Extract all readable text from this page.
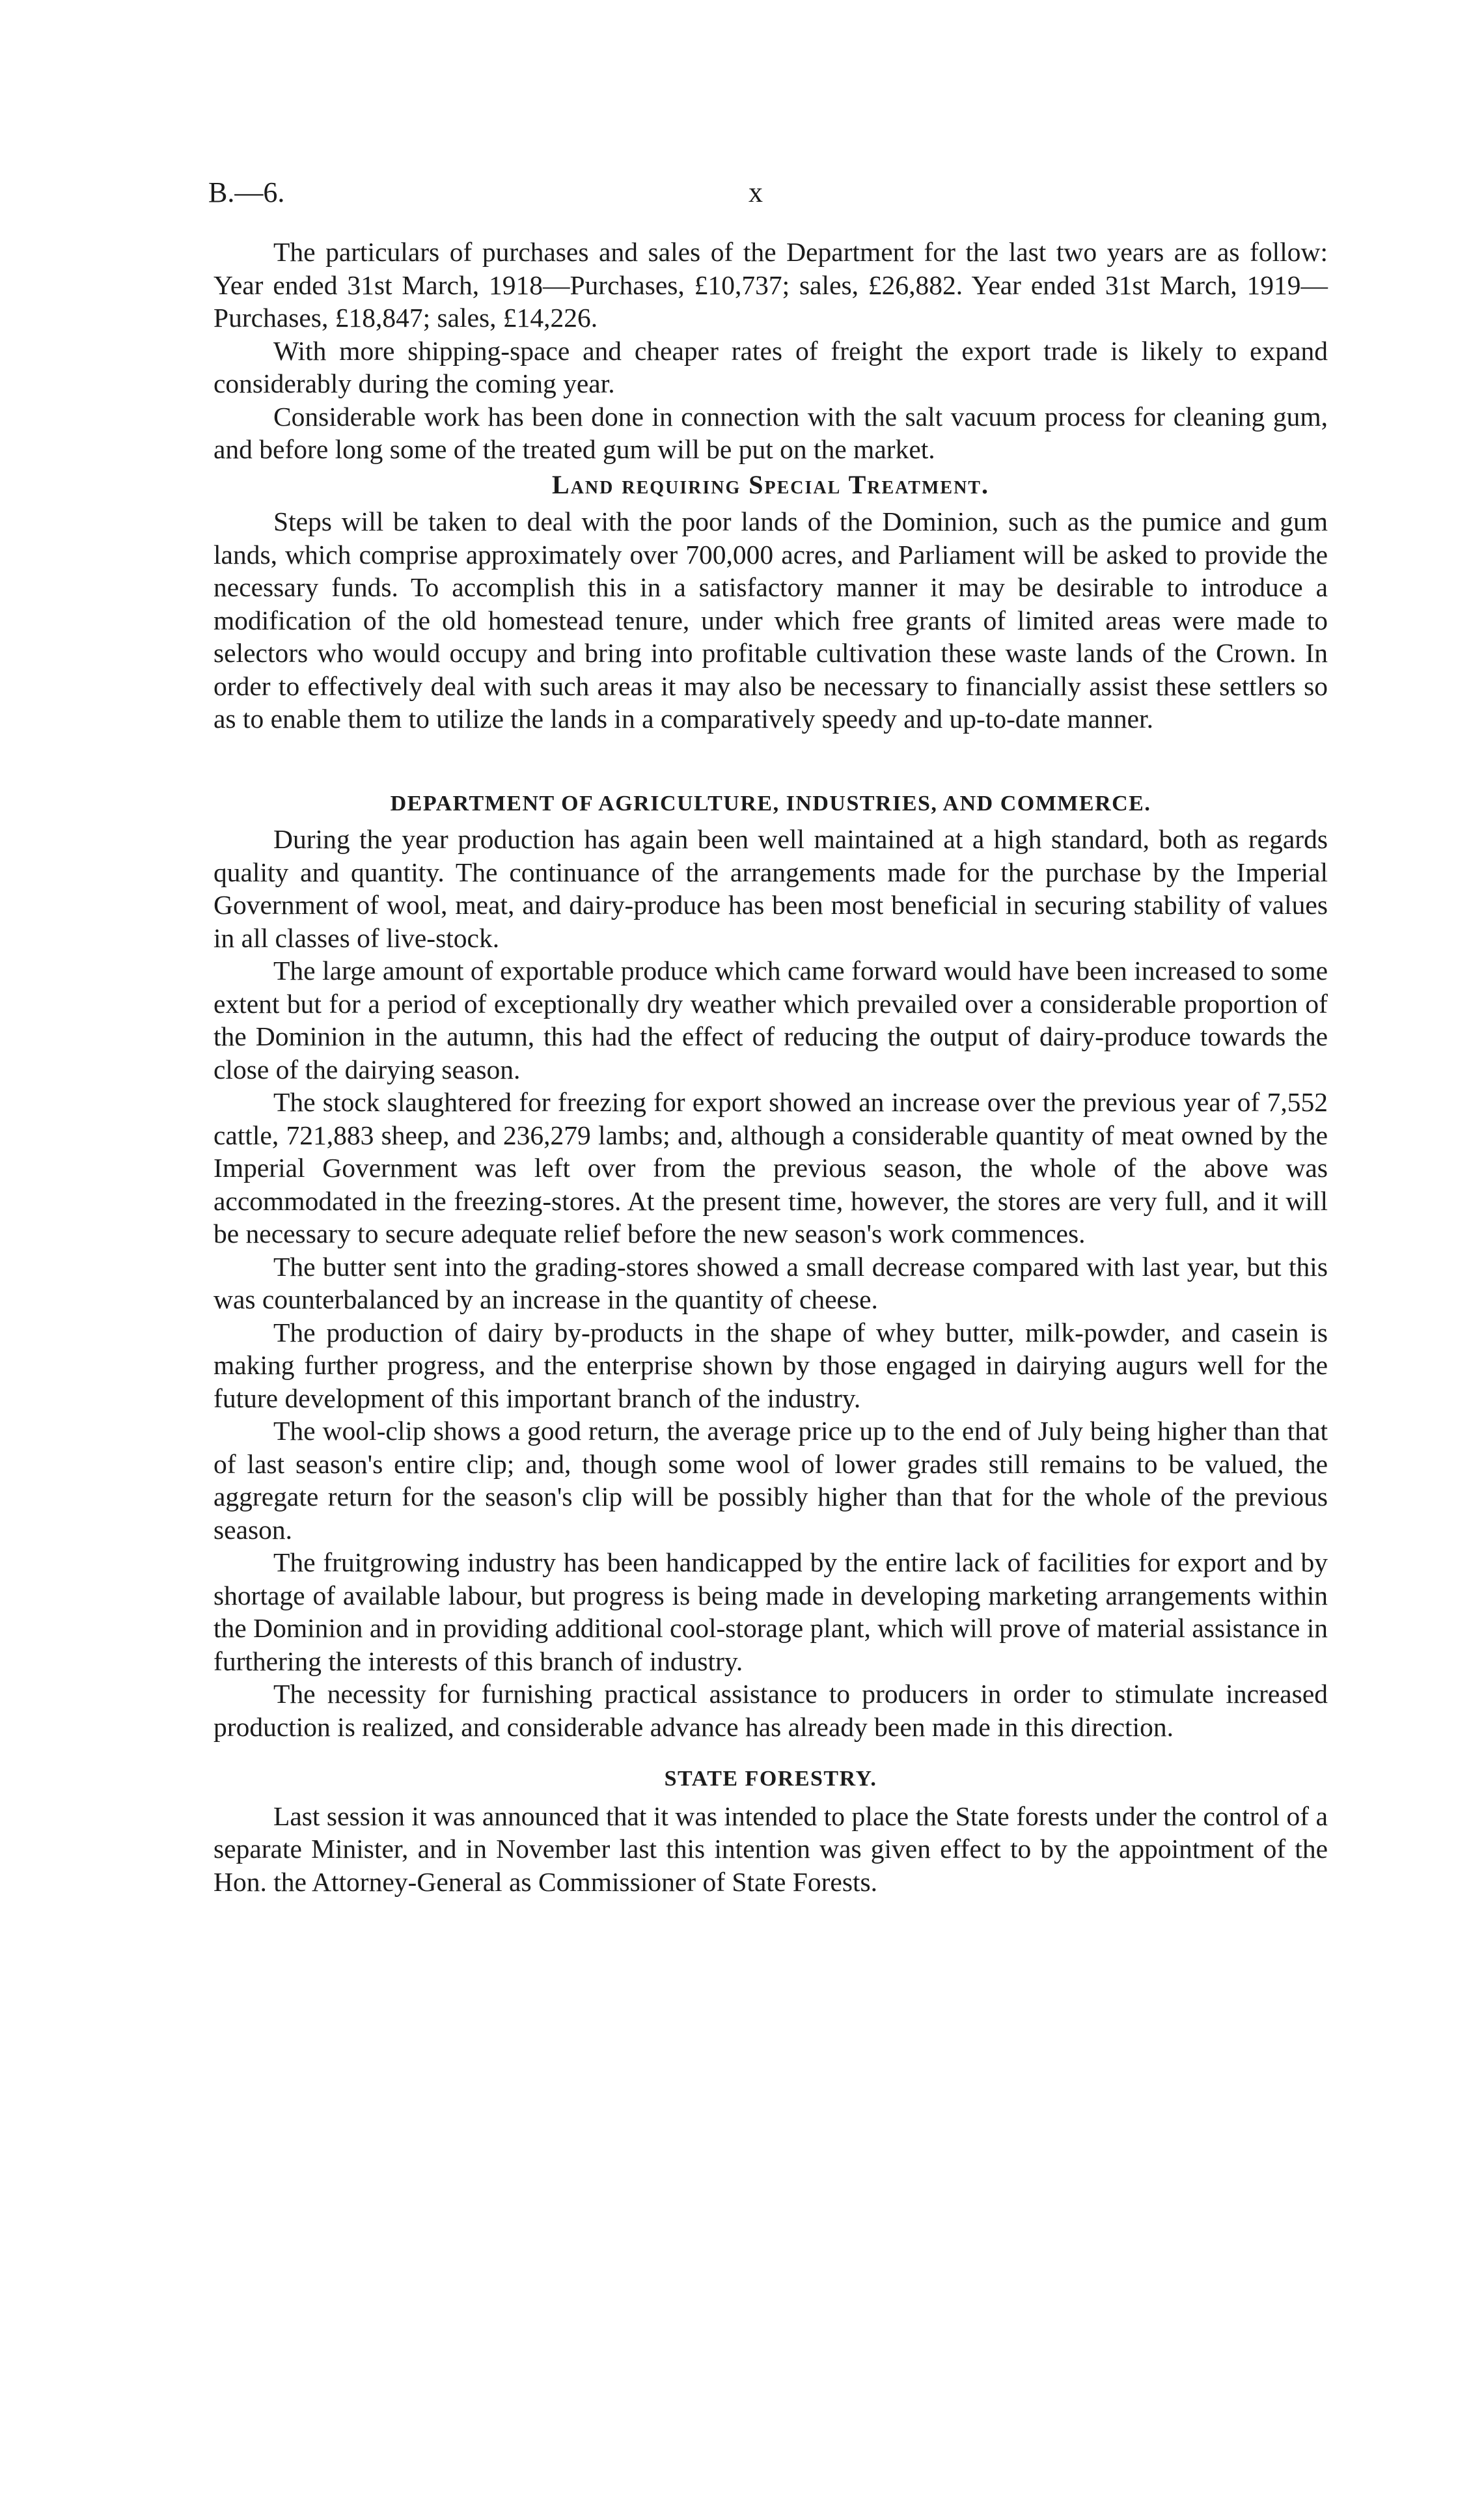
B.—6.	x

The particulars of purchases and sales of the Department for the last two years are as follow: Year ended 31st March, 1918—Purchases, £10,737; sales, £26,882. Year ended 31st March, 1919—Purchases, £18,847; sales, £14,226.

With more shipping-space and cheaper rates of freight the export trade is likely to expand considerably during the coming year.

Considerable work has been done in connection with the salt vacuum process for cleaning gum, and before long some of the treated gum will be put on the market.

Land requiring Special Treatment.

Steps will be taken to deal with the poor lands of the Dominion, such as the pumice and gum lands, which comprise approximately over 700,000 acres, and Parliament will be asked to provide the necessary funds. To accomplish this in a satisfactory manner it may be desirable to introduce a modification of the old homestead tenure, under which free grants of limited areas were made to selectors who would occupy and bring into profitable cultivation these waste lands of the Crown. In order to effectively deal with such areas it may also be necessary to financially assist these settlers so as to enable them to utilize the lands in a comparatively speedy and up-to-date manner.

DEPARTMENT OF AGRICULTURE, INDUSTRIES, AND COMMERCE.

During the year production has again been well maintained at a high standard, both as regards quality and quantity. The continuance of the arrangements made for the purchase by the Imperial Government of wool, meat, and dairy-produce has been most beneficial in securing stability of values in all classes of live-stock.

The large amount of exportable produce which came forward would have been increased to some extent but for a period of exceptionally dry weather which prevailed over a considerable proportion of the Dominion in the autumn, this had the effect of reducing the output of dairy-produce towards the close of the dairying season.

The stock slaughtered for freezing for export showed an increase over the previous year of 7,552 cattle, 721,883 sheep, and 236,279 lambs; and, although a considerable quantity of meat owned by the Imperial Government was left over from the previous season, the whole of the above was accommodated in the freezing-stores. At the present time, however, the stores are very full, and it will be necessary to secure adequate relief before the new season's work commences.

The butter sent into the grading-stores showed a small decrease compared with last year, but this was counterbalanced by an increase in the quantity of cheese.

The production of dairy by-products in the shape of whey butter, milk-powder, and casein is making further progress, and the enterprise shown by those engaged in dairying augurs well for the future development of this important branch of the industry.

The wool-clip shows a good return, the average price up to the end of July being higher than that of last season's entire clip; and, though some wool of lower grades still remains to be valued, the aggregate return for the season's clip will be possibly higher than that for the whole of the previous season.

The fruitgrowing industry has been handicapped by the entire lack of facilities for export and by shortage of available labour, but progress is being made in developing marketing arrangements within the Dominion and in providing additional cool-storage plant, which will prove of material assistance in furthering the interests of this branch of industry.

The necessity for furnishing practical assistance to producers in order to stimulate increased production is realized, and considerable advance has already been made in this direction.

STATE FORESTRY.

Last session it was announced that it was intended to place the State forests under the control of a separate Minister, and in November last this intention was given effect to by the appointment of the Hon. the Attorney-General as Commissioner of State Forests.
